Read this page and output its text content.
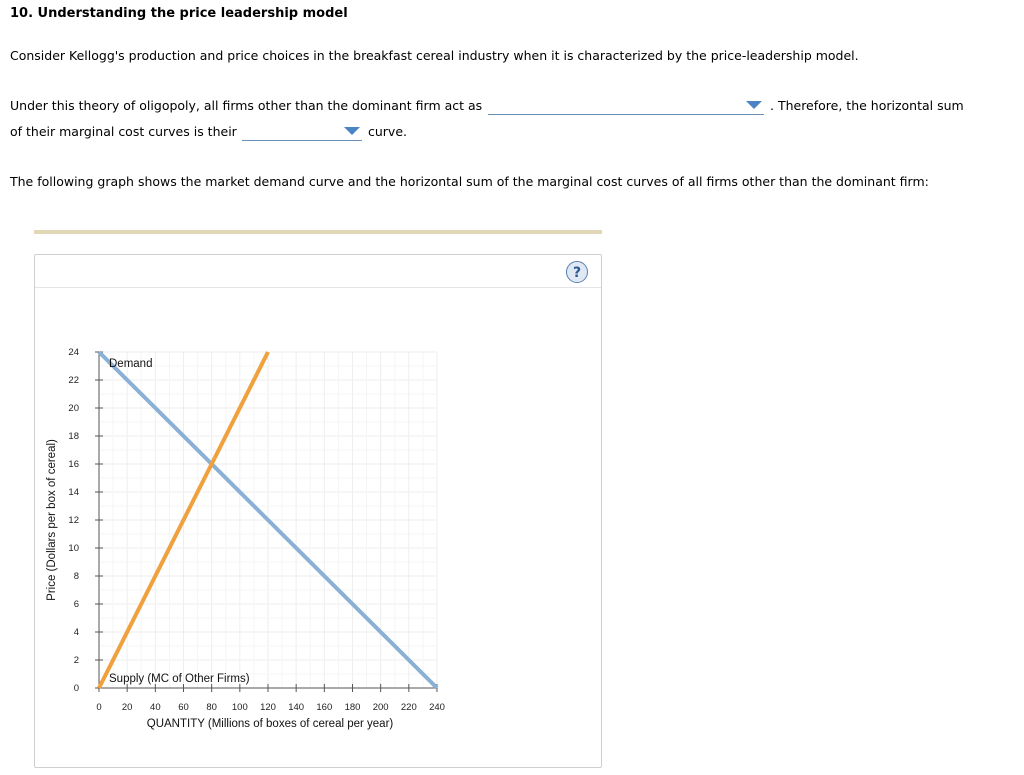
10. Understanding the price leadership model
Consider Kellogg's production and price choices in the breakfast cereal industry when it is characterized by the price-leadership model.
Under this theory of oligopoly, all firms other than the dominant firm act as	. Therefore, the horizontal sum
of their marginal cost curves is their	curve.
The following graph shows the market demand curve and the horizontal sum of the marginal cost curves of all firms other than the dominant firm:
?
0 20 40 60 80 100 120 140 160 180 200 220 240
0
2
4
6
8
10
12
14
16
18
20
22
24
QUANTITY (Millions of boxes of cereal per year)
Price (Dollars per box of cereal)
Demand
Supply (MC of Other Firms)
